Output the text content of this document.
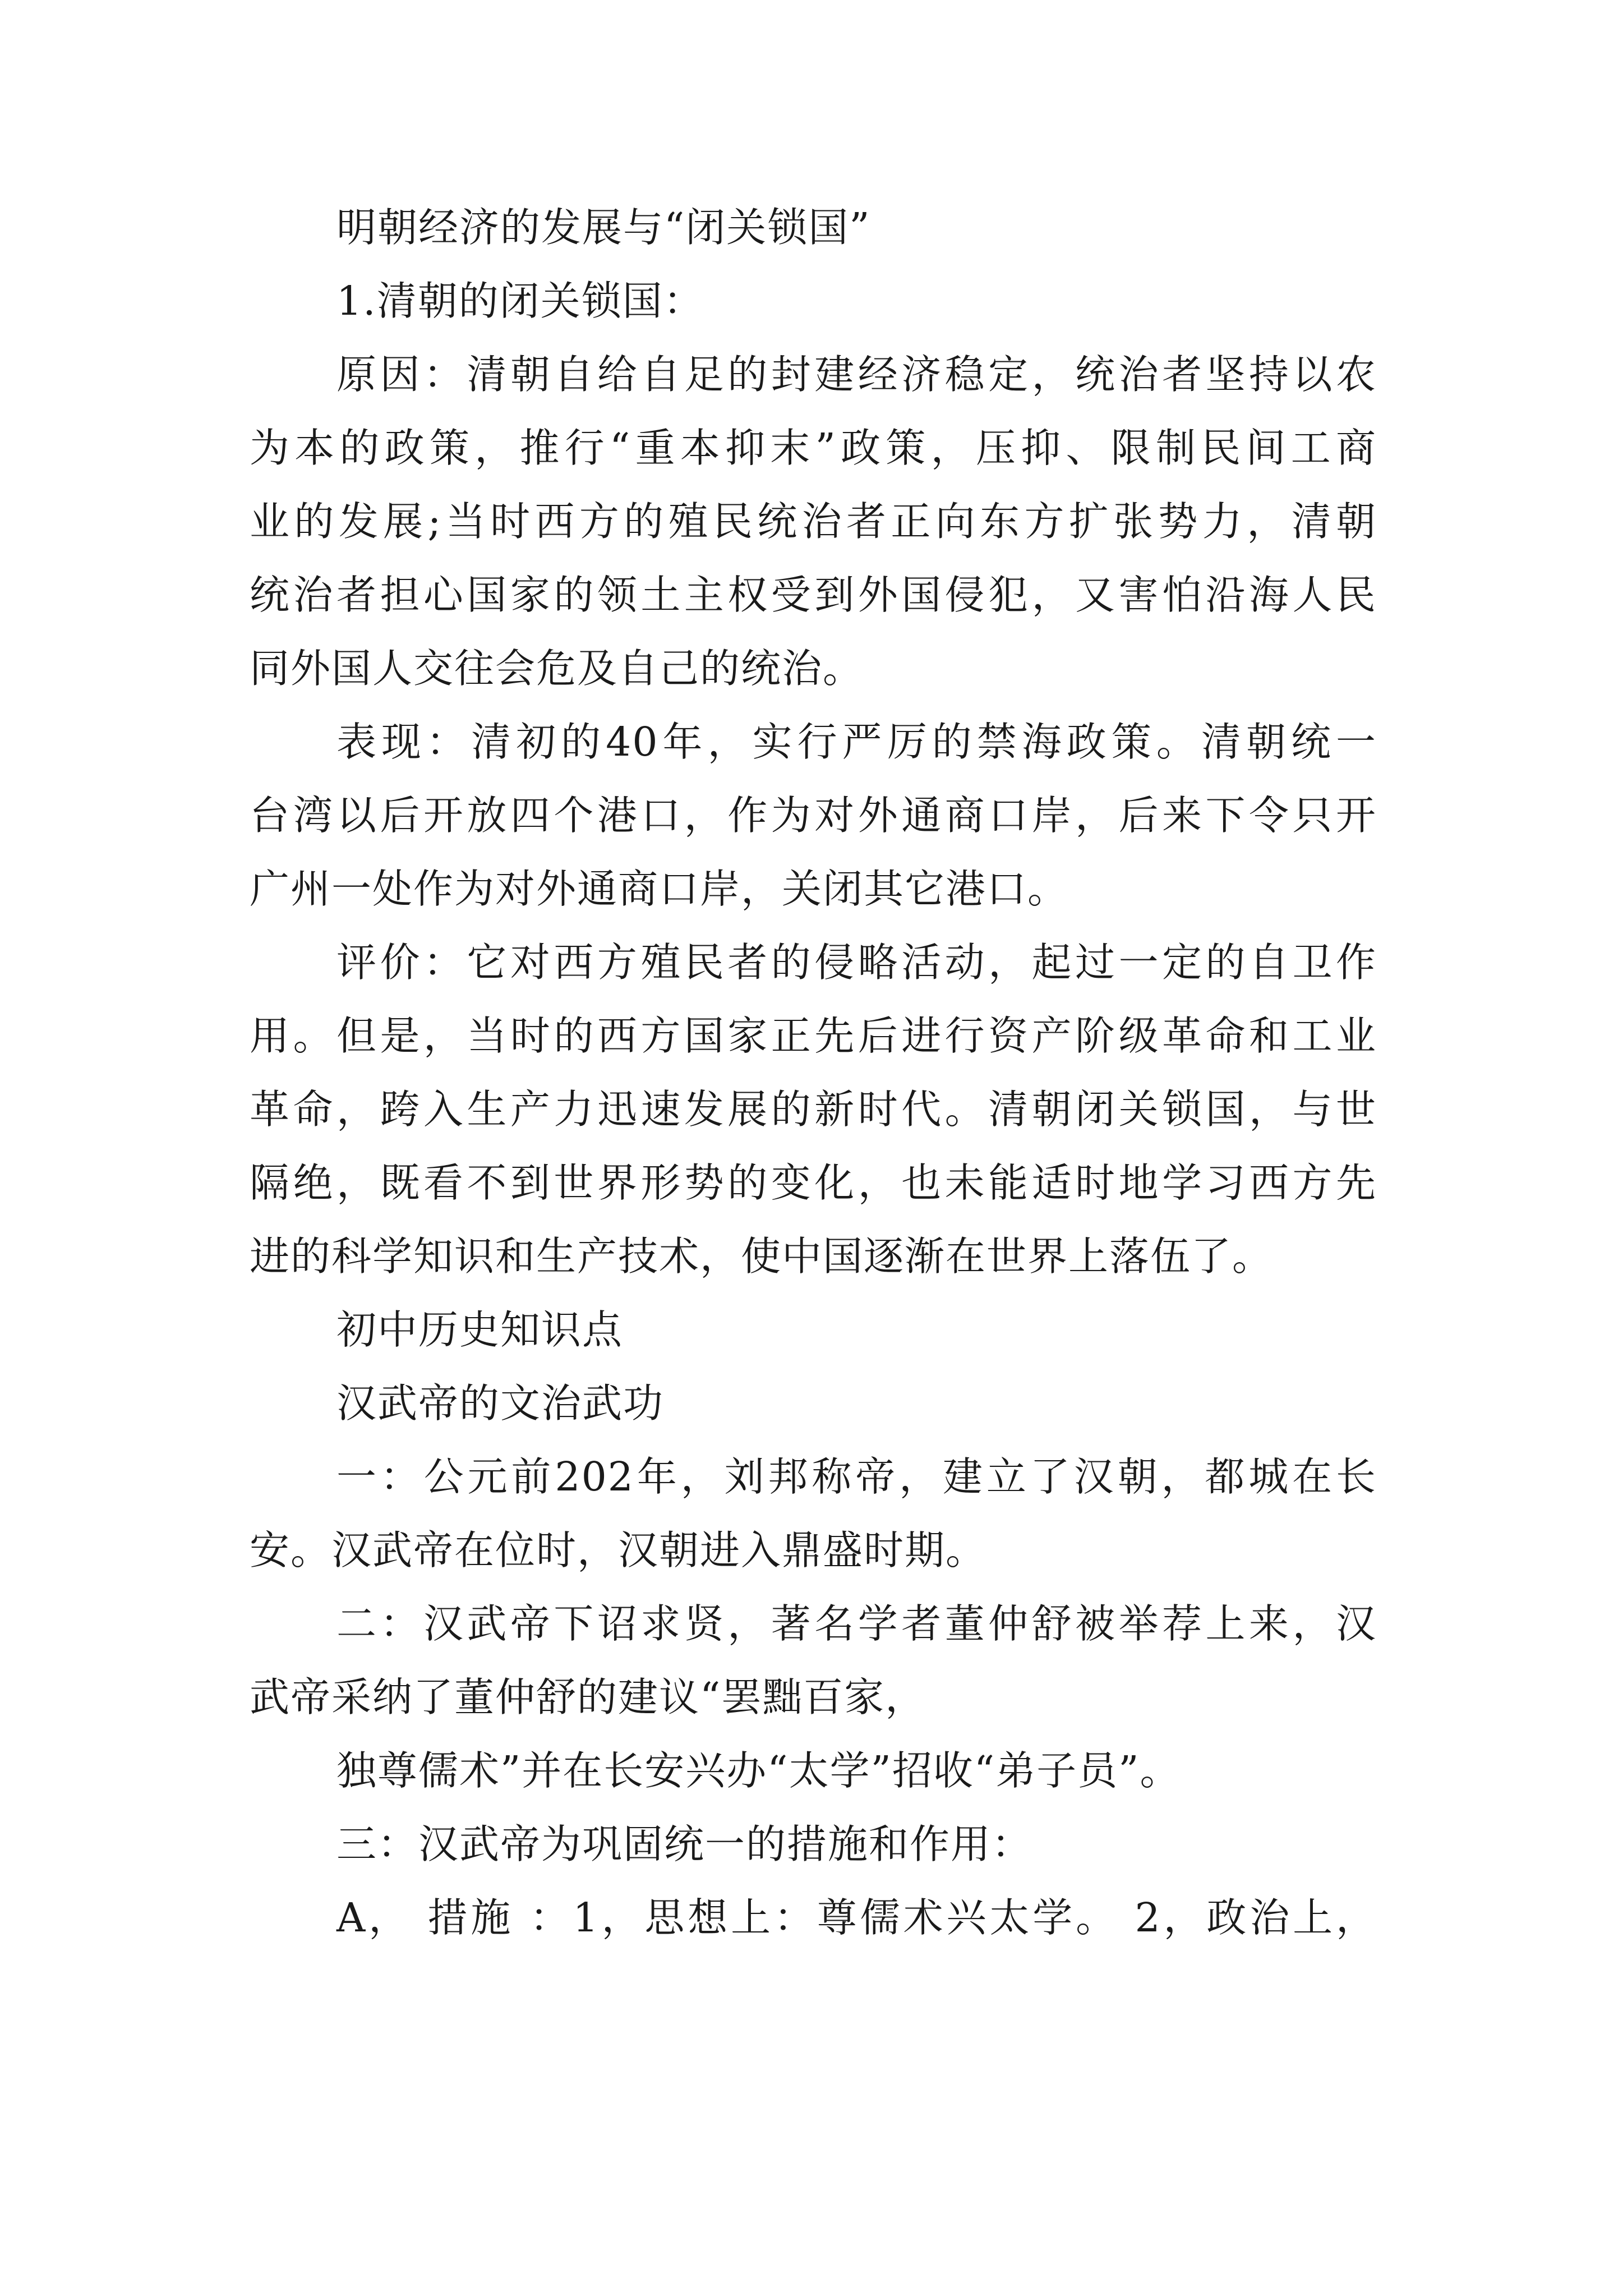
明朝经济的发展与“闭关锁国”
1.清朝的闭关锁国：
原因：清朝自给自足的封建经济稳定，统治者坚持以农
为本的政策，推行“重本抑末”政策，压抑、限制民间工商
业的发展;当时西方的殖民统治者正向东方扩张势力，清朝
统治者担心国家的领土主权受到外国侵犯，又害怕沿海人民
同外国人交往会危及自己的统治。
表现：清初的40年，实行严厉的禁海政策。清朝统一
台湾以后开放四个港口，作为对外通商口岸，后来下令只开
广州一处作为对外通商口岸，关闭其它港口。
评价：它对西方殖民者的侵略活动，起过一定的自卫作
用。但是，当时的西方国家正先后进行资产阶级革命和工业
革命，跨入生产力迅速发展的新时代。清朝闭关锁国，与世
隔绝，既看不到世界形势的变化，也未能适时地学习西方先
进的科学知识和生产技术，使中国逐渐在世界上落伍了。
初中历史知识点
汉武帝的文治武功
一：公元前202年，刘邦称帝，建立了汉朝，都城在长
安。汉武帝在位时，汉朝进入鼎盛时期。
二：汉武帝下诏求贤，著名学者董仲舒被举荐上来，汉
武帝采纳了董仲舒的建议“罢黜百家，
独尊儒术”并在长安兴办“太学”招收“弟子员”。
三：汉武帝为巩固统一的措施和作用：
A， 措施 ：1，思想上：尊儒术兴太学。 2，政治上，
